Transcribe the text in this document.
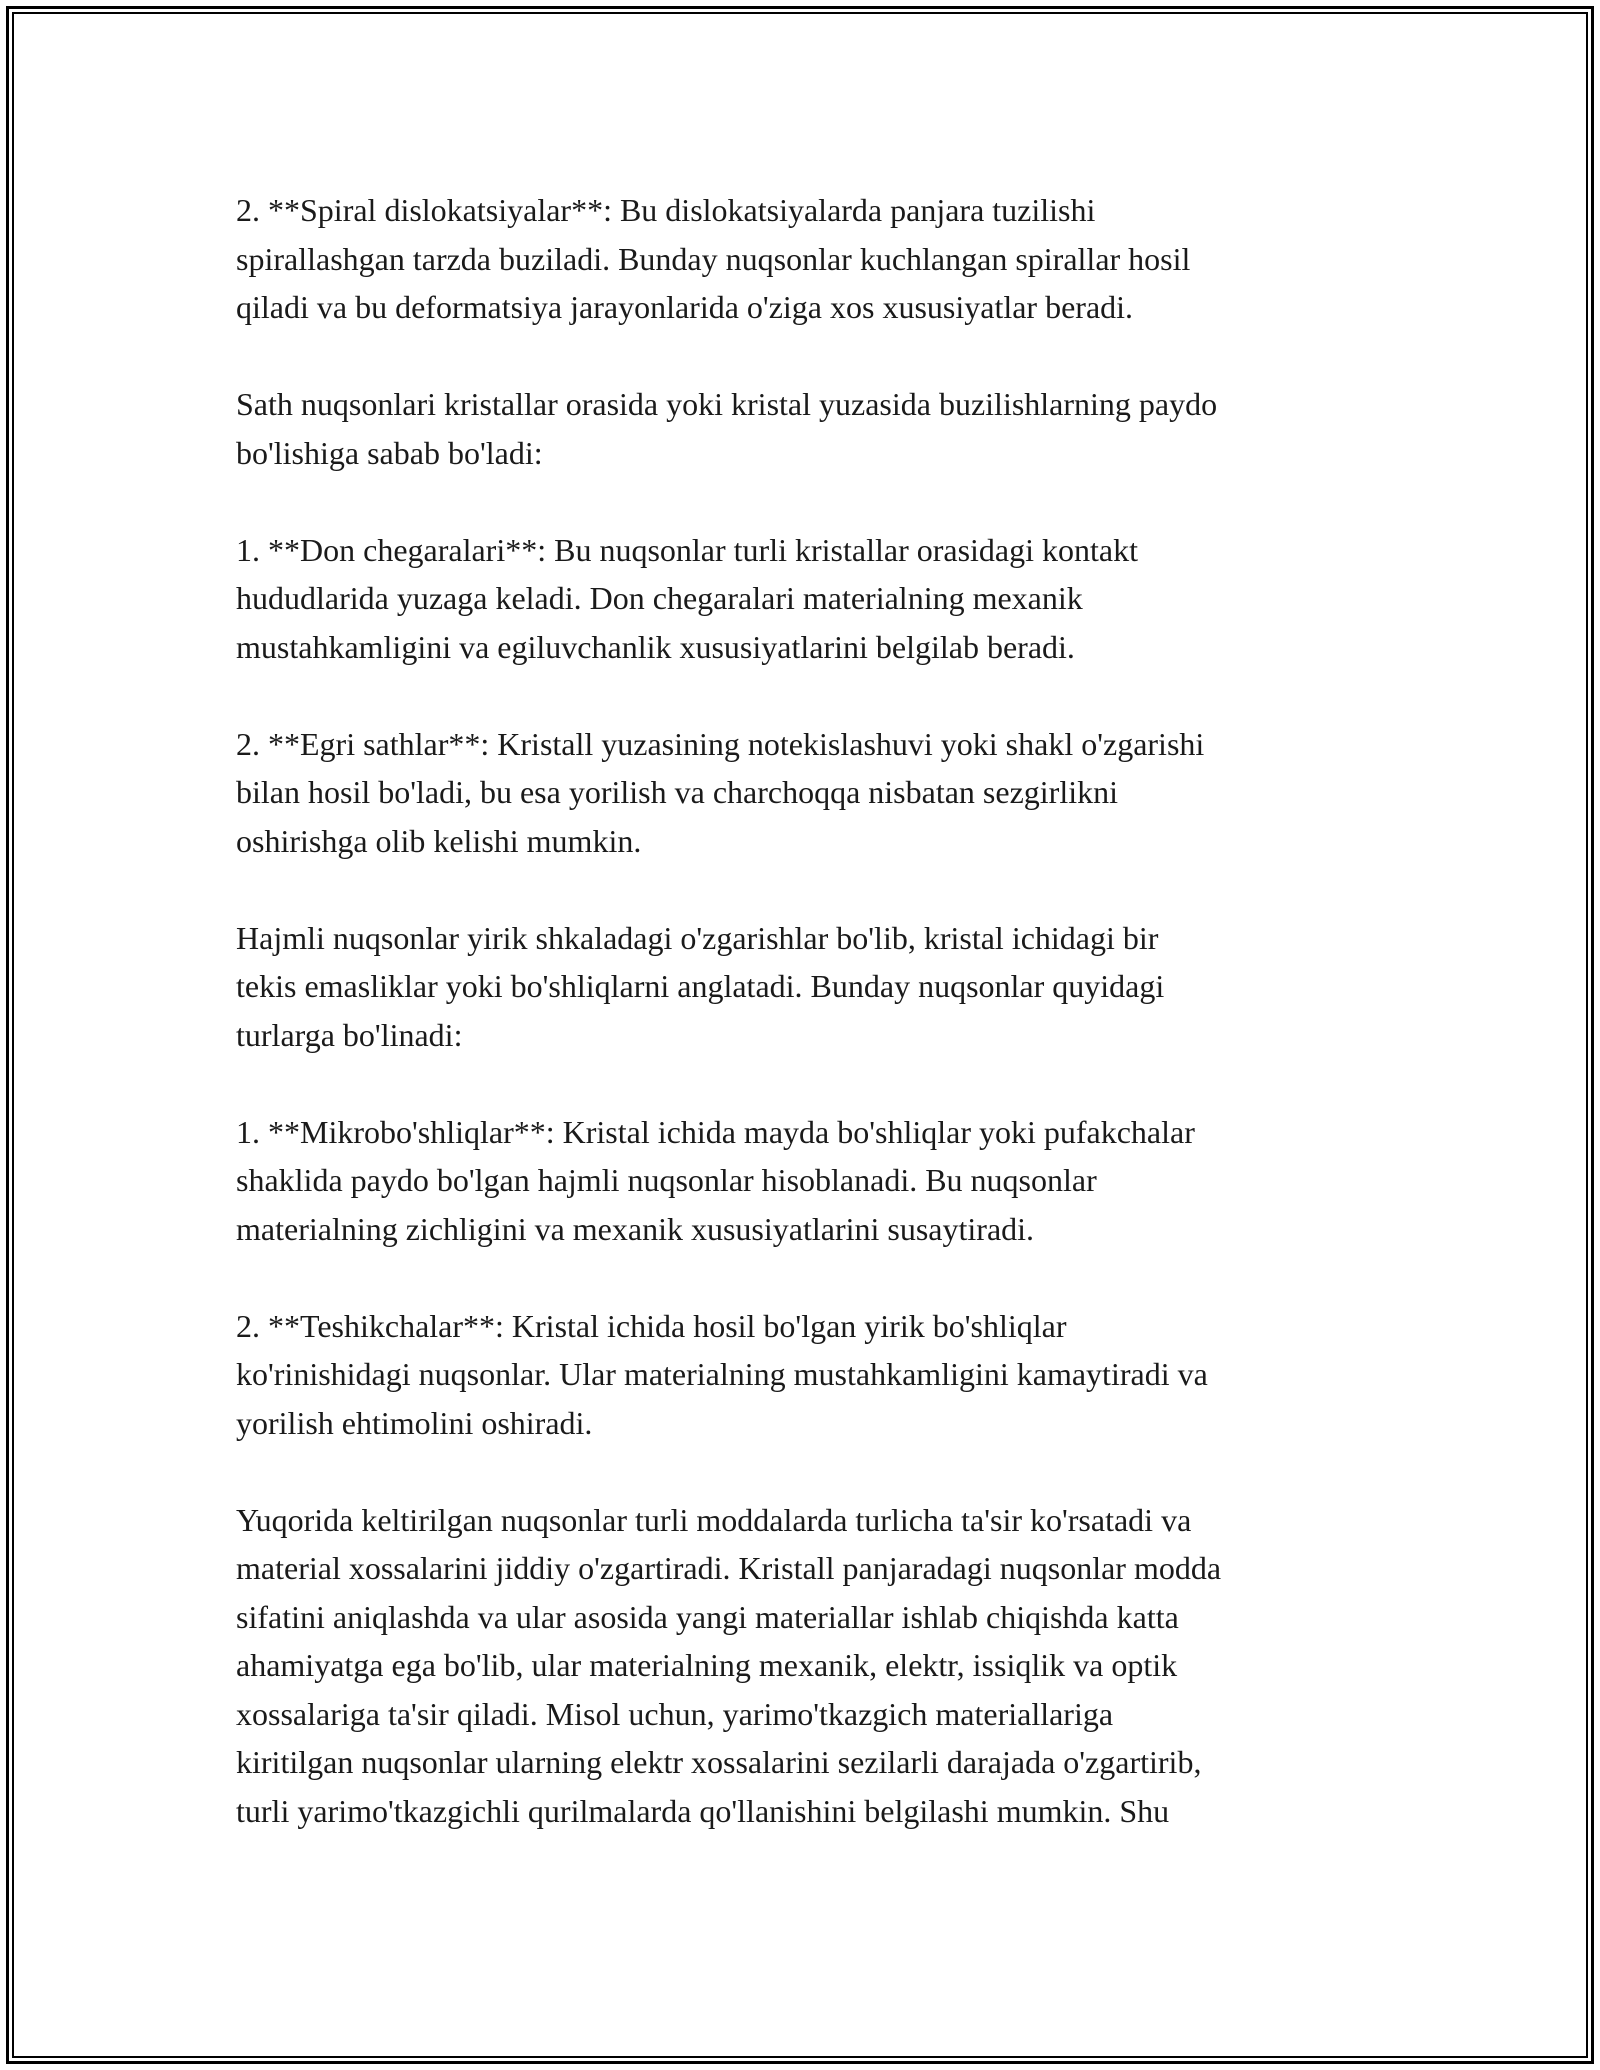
2. **Spiral dislokatsiyalar**: Bu dislokatsiyalarda panjara tuzilishi
spirallashgan tarzda buziladi. Bunday nuqsonlar kuchlangan spirallar hosil
qiladi va bu deformatsiya jarayonlarida o'ziga xos xususiyatlar beradi.

Sath nuqsonlari kristallar orasida yoki kristal yuzasida buzilishlarning paydo
bo'lishiga sabab bo'ladi:

1. **Don chegaralari**: Bu nuqsonlar turli kristallar orasidagi kontakt
hududlarida yuzaga keladi. Don chegaralari materialning mexanik
mustahkamligini va egiluvchanlik xususiyatlarini belgilab beradi.

2. **Egri sathlar**: Kristall yuzasining notekislashuvi yoki shakl o'zgarishi
bilan hosil bo'ladi, bu esa yorilish va charchoqqa nisbatan sezgirlikni
oshirishga olib kelishi mumkin.

Hajmli nuqsonlar yirik shkaladagi o'zgarishlar bo'lib, kristal ichidagi bir
tekis emasliklar yoki bo'shliqlarni anglatadi. Bunday nuqsonlar quyidagi
turlarga bo'linadi:

1. **Mikrobo'shliqlar**: Kristal ichida mayda bo'shliqlar yoki pufakchalar
shaklida paydo bo'lgan hajmli nuqsonlar hisoblanadi. Bu nuqsonlar
materialning zichligini va mexanik xususiyatlarini susaytiradi.

2. **Teshikchalar**: Kristal ichida hosil bo'lgan yirik bo'shliqlar
ko'rinishidagi nuqsonlar. Ular materialning mustahkamligini kamaytiradi va
yorilish ehtimolini oshiradi.

Yuqorida keltirilgan nuqsonlar turli moddalarda turlicha ta'sir ko'rsatadi va
material xossalarini jiddiy o'zgartiradi. Kristall panjaradagi nuqsonlar modda
sifatini aniqlashda va ular asosida yangi materiallar ishlab chiqishda katta
ahamiyatga ega bo'lib, ular materialning mexanik, elektr, issiqlik va optik
xossalariga ta'sir qiladi. Misol uchun, yarimo'tkazgich materiallariga
kiritilgan nuqsonlar ularning elektr xossalarini sezilarli darajada o'zgartirib,
turli yarimo'tkazgichli qurilmalarda qo'llanishini belgilashi mumkin. Shu
